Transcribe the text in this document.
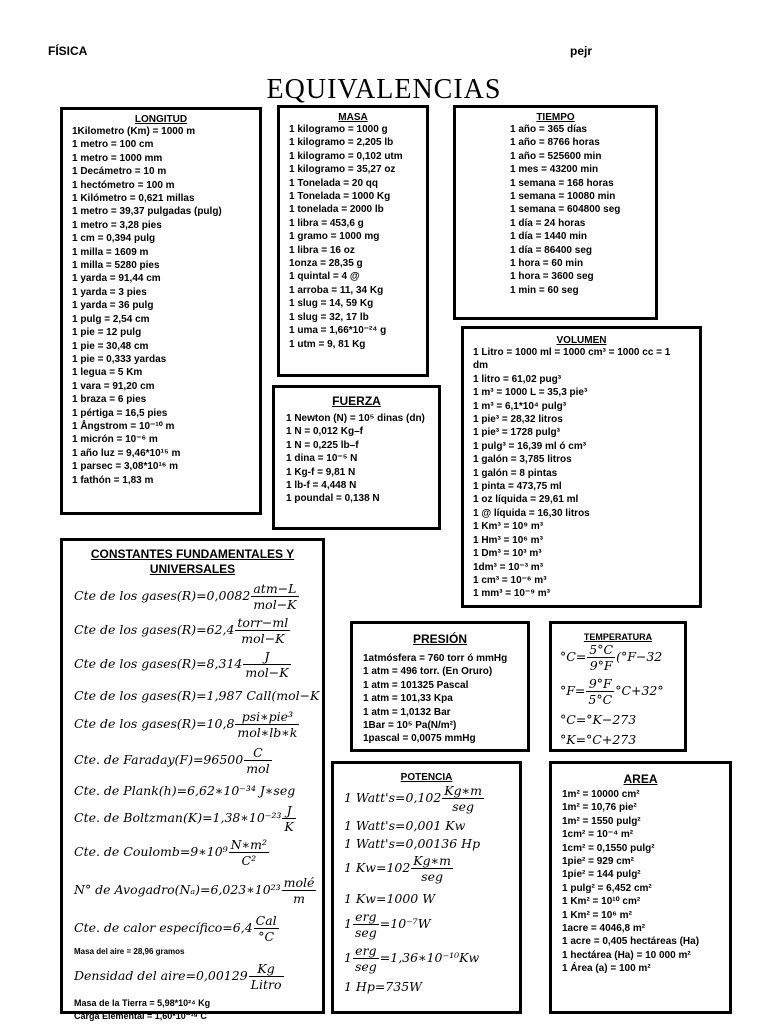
FÍSICA	pejr
EQUIVALENCIAS
LONGITUD
1Kilometro (Km) = 1000 m
1 metro = 100 cm
1 metro = 1000 mm
1 Decámetro = 10 m
1 hectómetro = 100 m
1 Kilómetro = 0,621 millas
1 metro = 39,37 pulgadas (pulg)
1 metro = 3,28 pies
1 cm = 0,394 pulg
1 milla = 1609 m
1 milla = 5280 pies
1 yarda = 91,44 cm
1 yarda = 3 pies
1 yarda = 36 pulg
1 pulg = 2,54 cm
1 pie = 12 pulg
1 pie = 30,48 cm
1 pie = 0,333 yardas
1 legua = 5 Km
1 vara = 91,20 cm
1 braza = 6 pies
1 pértiga = 16,5 pies
1 Ångstrom = 10⁻¹⁰ m
1 micrón = 10⁻⁶ m
1 año luz = 9,46*10¹⁵ m
1 parsec = 3,08*10¹⁶ m
1 fathón = 1,83 m
MASA
1 kilogramo = 1000 g
1 kilogramo = 2,205 lb
1 kilogramo = 0,102 utm
1 kilogramo = 35,27 oz
1 Tonelada = 20 qq
1 Tonelada = 1000 Kg
1 tonelada = 2000 lb
1 libra = 453,6 g
1 gramo = 1000 mg
1 libra = 16 oz
1onza = 28,35 g
1 quintal = 4 @
1 arroba = 11, 34 Kg
1 slug = 14, 59 Kg
1 slug = 32, 17 lb
1 uma = 1,66*10⁻²⁴ g
1 utm = 9, 81 Kg
TIEMPO
1 año = 365 días
1 año = 8766 horas
1 año = 525600 min
1 mes = 43200 min
1 semana = 168 horas
1 semana = 10080 min
1 semana = 604800 seg
1 día = 24 horas
1 día = 1440 min
1 día = 86400 seg
1 hora = 60 min
1 hora = 3600 seg
1 min = 60 seg
FUERZA
1 Newton (N) = 10⁵ dinas (dn)
1 N = 0,012 Kg–f
1 N = 0,225 lb–f
1 dina = 10⁻⁵ N
1 Kg-f = 9,81 N
1 lb-f = 4,448 N
1 poundal = 0,138 N
VOLUMEN
1 Litro = 1000 ml = 1000 cm³ = 1000 cc = 1
dm
1 litro = 61,02 pug³
1 m³ = 1000 L = 35,3 pie³
1 m³ = 6,1*10⁴ pulg³
1 pie³ = 28,32 litros
1 pie³ = 1728 pulg³
1 pulg³ = 16,39 ml ó cm³
1 galón = 3,785 litros
1 galón = 8 pintas
1 pinta = 473,75 ml
1 oz líquida = 29,61 ml
1 @ líquida = 16,30 litros
1 Km³ = 10⁹ m³
1 Hm³ = 10⁶ m³
1 Dm³ = 10³ m³
1dm³ = 10⁻³ m³
1 cm³ = 10⁻⁶ m³
1 mm³ = 10⁻⁹ m³
CONSTANTES FUNDAMENTALES Y UNIVERSALES
Cte de los gases(R)=0,0082 $\frac{\text{atm−L}}{\text{mol−K}}$
Cte de los gases(R)=62,4 $\frac{\text{torr−ml}}{\text{mol−K}}$
Cte de los gases(R)=8,314 $\frac{J}{\text{mol−K}}$
Cte de los gases(R)=1,987 Call(mol−K
Cte de los gases(R)=10,8 $\frac{\text{psi∗pie³}}{\text{mol∗lb∗k}}$
Cte. de Faraday(F)=96500 $\frac{C}{\text{mol}}$
Cte. de Plank(h)=6,62∗10⁻³⁴ J∗seg
Cte. de Boltzman(K)=1,38∗10⁻²³ $\frac{J}{K}$
Cte. de Coulomb=9∗10⁹ $\frac{\text{N∗m²}}{\text{C²}}$
N° de Avogadro(Nₐ)=6,023∗10²³ $\frac{\text{molé}}{m}$
Cte. de calor específico=6,4 $\frac{\text{Cal}}{^\circ C}$
Masa del aire = 28,96 gramos
Densidad del aire=0,00129 $\frac{Kg}{\text{Litro}}$
Masa de la Tierra = 5,98*10²⁴ Kg
Carga Elemental = 1,60*10⁻¹⁹ C
PRESIÓN
1atmósfera = 760 torr ó mmHg
1 atm = 496 torr. (En Oruro)
1 atm = 101325 Pascal
1 atm = 101,33 Kpa
1 atm = 1,0132 Bar
1Bar = 10⁵ Pa(N/m²)
1pascal = 0,0075 mmHg
TEMPERATURA
$^\circ C= \frac{5^\circ C}{9^\circ F} (^\circ F-32$
$^\circ F= \frac{9^\circ F}{5^\circ C} ^\circ C+32^\circ$
°C=°K−273
°K=°C+273
POTENCIA
1 Watt's=0,102 $\frac{Kg∗m}{\text{seg}}$
1 Watt's=0,001 Kw
1 Watt's=0,00136 Hp
1 $Kw=102 \frac{Kg∗m}{\text{seg}}$
1 Kw=1000 W
$1 \frac{\text{erg}}{\text{seg}} =10^{-7}W$
$1 \frac{\text{erg}}{\text{seg}}$ =1,36∗10⁻¹⁰Kw
1 Hp=735W
AREA
1m² = 10000 cm²
1m² = 10,76 pie²
1m² = 1550 pulg²
1cm² = 10⁻⁴ m²
1cm² = 0,1550 pulg²
1pie² = 929 cm²
1pie² = 144 pulg²
1 pulg² = 6,452 cm²
1 Km² = 10¹⁰ cm²
1 Km² = 10⁶ m²
1acre = 4046,8 m²
1 acre = 0,405 hectáreas (Ha)
1 hectárea (Ha) = 10 000 m²
1 Área (a) = 100 m²
